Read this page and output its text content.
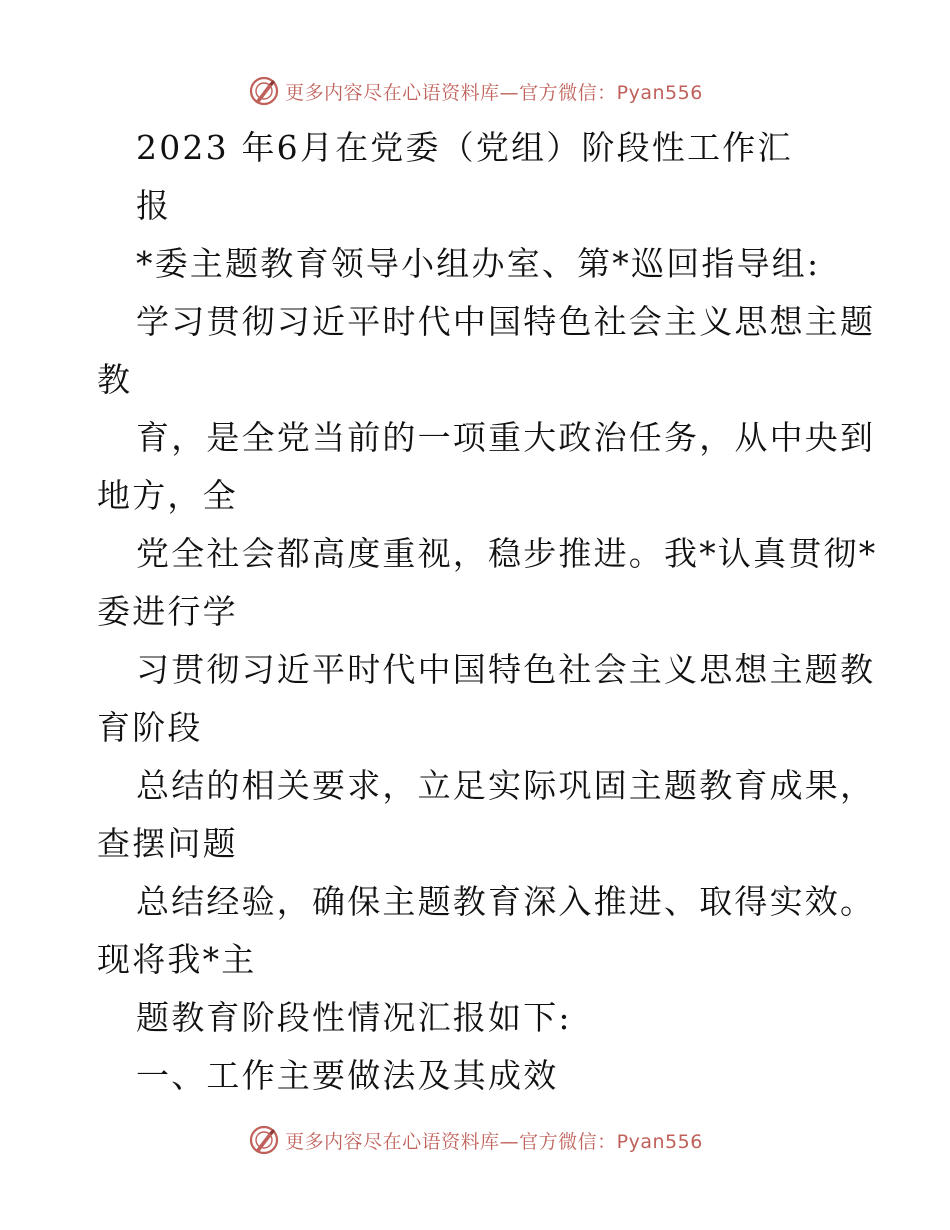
更多内容尽在心语资料库—官方微信：Pyan556
2023 年6月在党委（党组）阶段性工作汇
报
*委主题教育领导小组办室、第*巡回指导组:
学习贯彻习近平时代中国特色社会主义思想主题
教
育，是全党当前的一项重大政治任务，从中央到
地方，全
党全社会都高度重视，稳步推进。我*认真贯彻*
委进行学
习贯彻习近平时代中国特色社会主义思想主题教
育阶段
总结的相关要求，立足实际巩固主题教育成果，
查摆问题
总结经验，确保主题教育深入推进、取得实效。
现将我*主
题教育阶段性情况汇报如下:
一、工作主要做法及其成效
更多内容尽在心语资料库—官方微信：Pyan556
